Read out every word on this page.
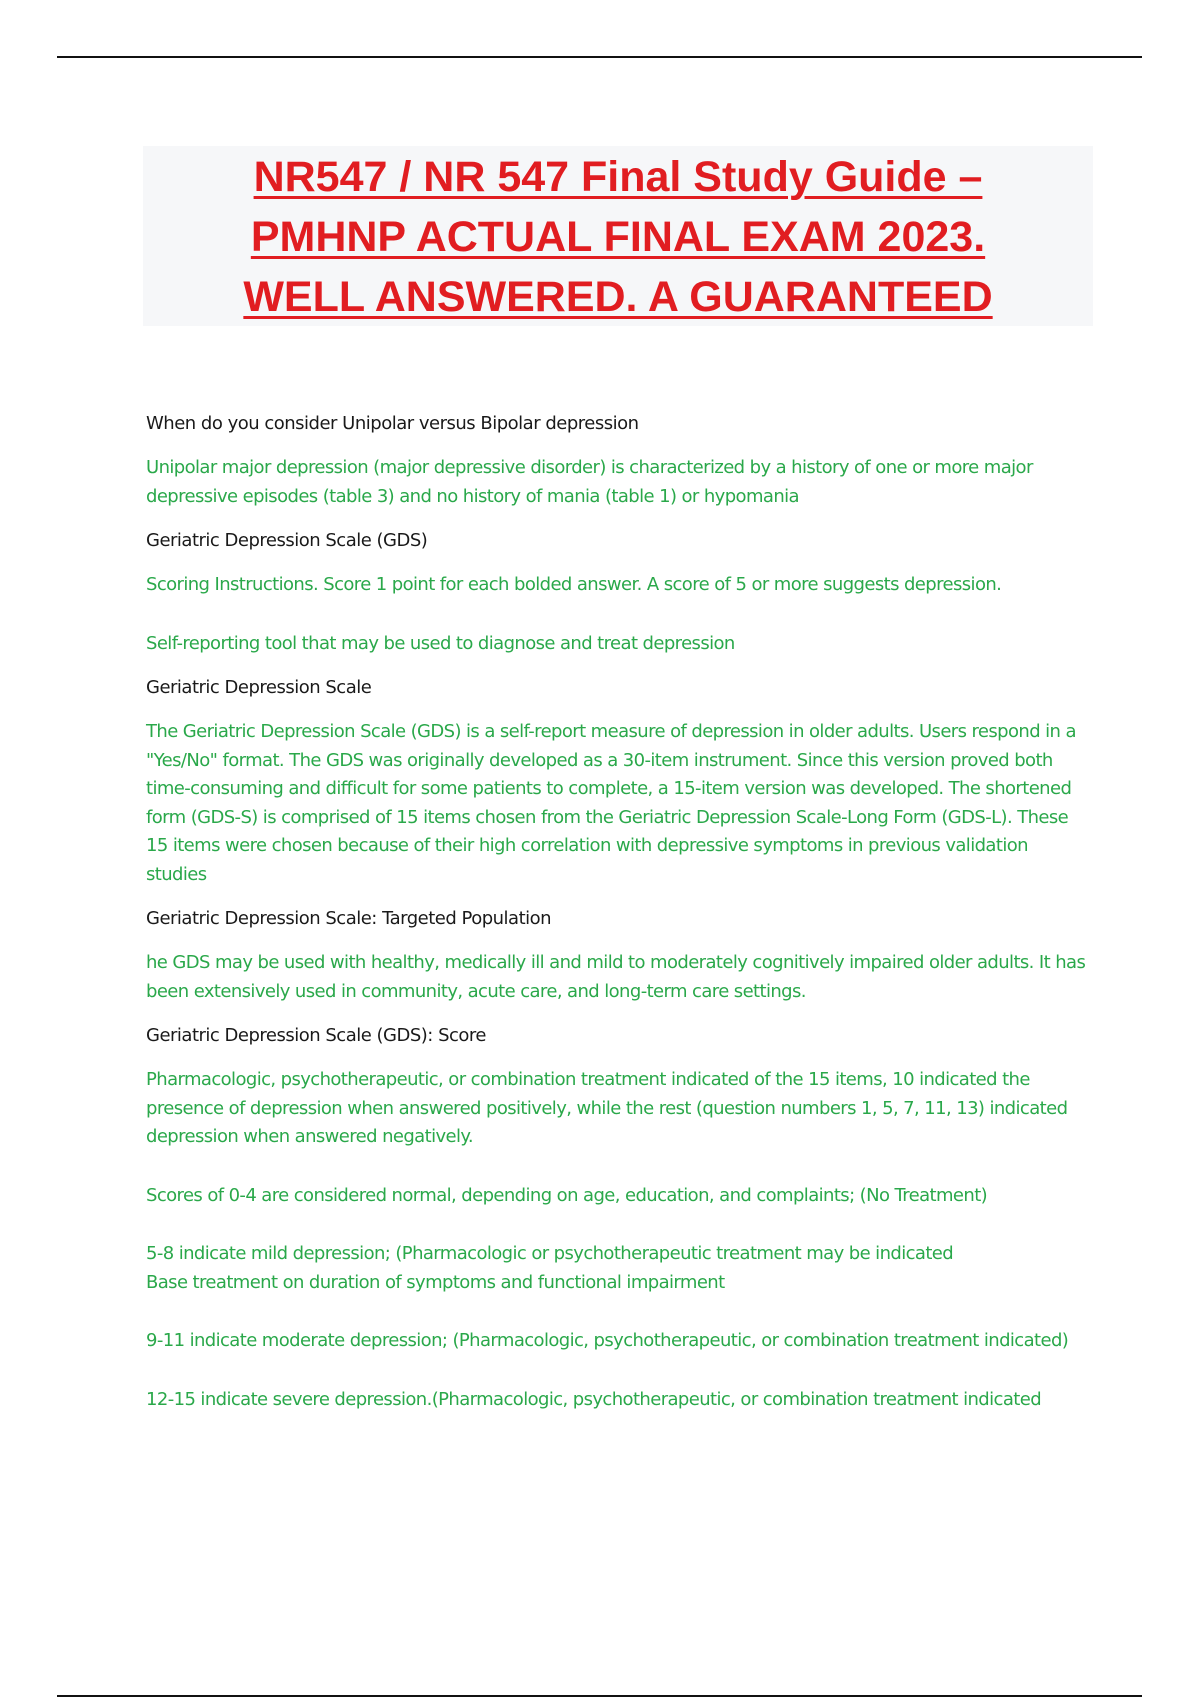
NR547 / NR 547 Final Study Guide –
PMHNP ACTUAL FINAL EXAM 2023.
WELL ANSWERED. A GUARANTEED

When do you consider Unipolar versus Bipolar depression

Unipolar major depression (major depressive disorder) is characterized by a history of one or more major depressive episodes (table 3) and no history of mania (table 1) or hypomania

Geriatric Depression Scale (GDS)

Scoring Instructions. Score 1 point for each bolded answer. A score of 5 or more suggests depression.

Self-reporting tool that may be used to diagnose and treat depression

Geriatric Depression Scale

The Geriatric Depression Scale (GDS) is a self-report measure of depression in older adults. Users respond in a "Yes/No" format. The GDS was originally developed as a 30-item instrument. Since this version proved both time-consuming and difficult for some patients to complete, a 15-item version was developed. The shortened form (GDS-S) is comprised of 15 items chosen from the Geriatric Depression Scale-Long Form (GDS-L). These 15 items were chosen because of their high correlation with depressive symptoms in previous validation studies

Geriatric Depression Scale: Targeted Population

he GDS may be used with healthy, medically ill and mild to moderately cognitively impaired older adults. It has been extensively used in community, acute care, and long-term care settings.

Geriatric Depression Scale (GDS): Score

Pharmacologic, psychotherapeutic, or combination treatment indicated of the 15 items, 10 indicated the presence of depression when answered positively, while the rest (question numbers 1, 5, 7, 11, 13) indicated depression when answered negatively.

Scores of 0-4 are considered normal, depending on age, education, and complaints; (No Treatment)

5-8 indicate mild depression; (Pharmacologic or psychotherapeutic treatment may be indicated

Base treatment on duration of symptoms and functional impairment

9-11 indicate moderate depression; (Pharmacologic, psychotherapeutic, or combination treatment indicated)

12-15 indicate severe depression.(Pharmacologic, psychotherapeutic, or combination treatment indicated
